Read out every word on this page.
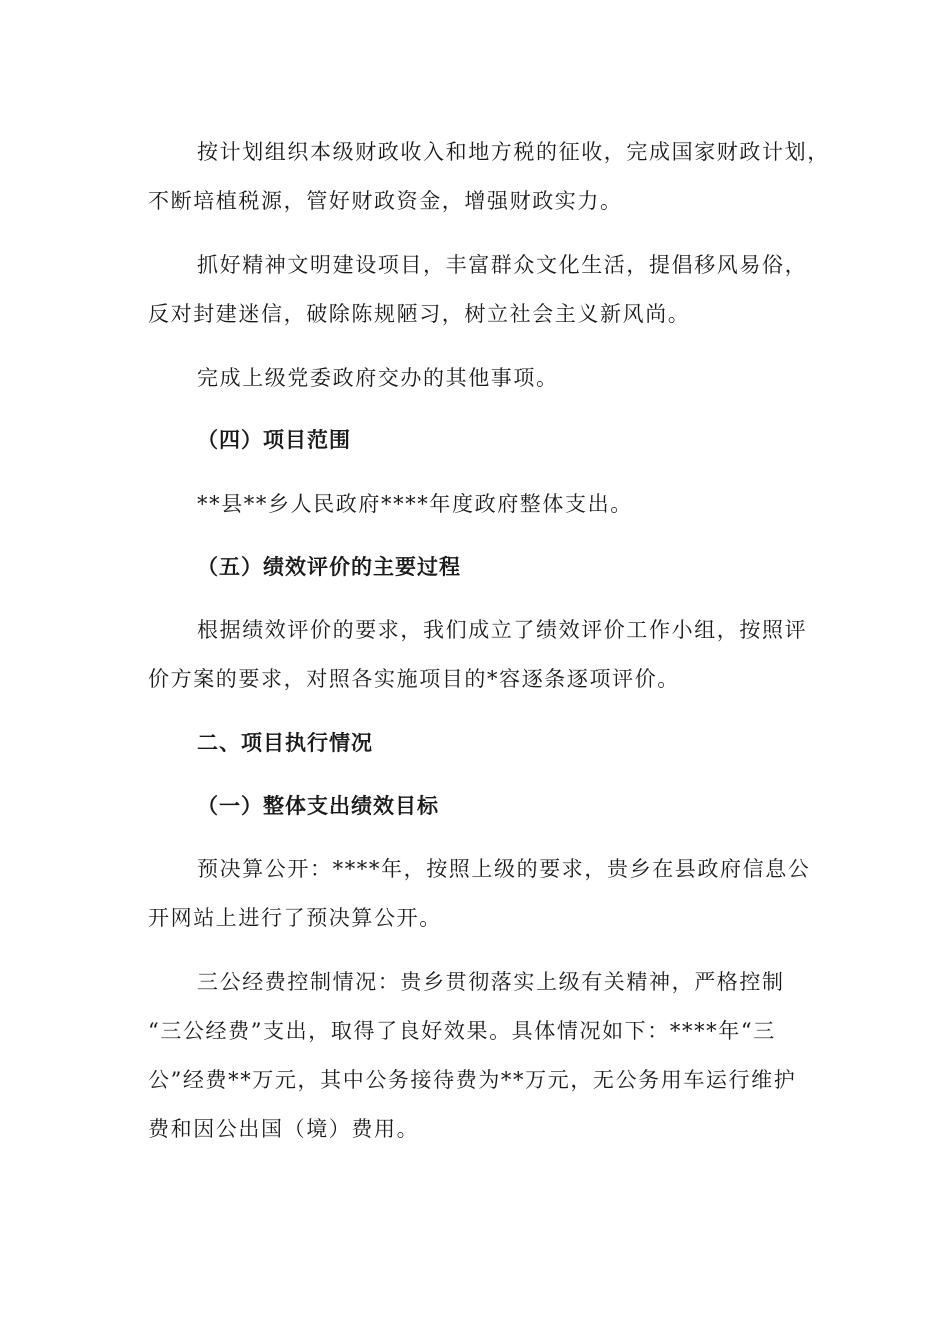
按计划组织本级财政收入和地方税的征收，完成国家财政计划，
不断培植税源，管好财政资金，增强财政实力。
抓好精神文明建设项目，丰富群众文化生活，提倡移风易俗，
反对封建迷信，破除陈规陋习，树立社会主义新风尚。
完成上级党委政府交办的其他事项。
（四）项目范围
**县**乡人民政府****年度政府整体支出。
（五）绩效评价的主要过程
根据绩效评价的要求，我们成立了绩效评价工作小组，按照评
价方案的要求，对照各实施项目的*容逐条逐项评价。
二、项目执行情况
（一）整体支出绩效目标
预决算公开：****年，按照上级的要求，贵乡在县政府信息公
开网站上进行了预决算公开。
三公经费控制情况：贵乡贯彻落实上级有关精神，严格控制
“三公经费”支出，取得了良好效果。具体情况如下：****年“三
公”经费**万元，其中公务接待费为**万元，无公务用车运行维护
费和因公出国（境）费用。
